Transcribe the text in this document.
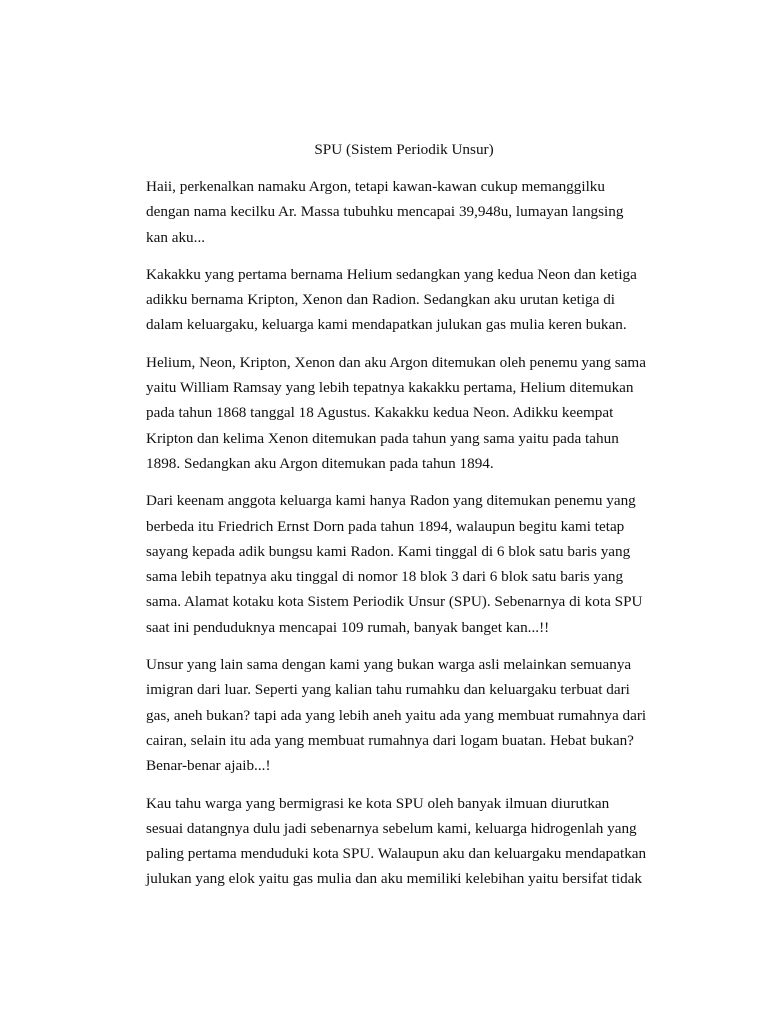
SPU (Sistem Periodik Unsur)

Haii, perkenalkan namaku Argon, tetapi kawan-kawan cukup memanggilku
dengan nama kecilku Ar. Massa tubuhku mencapai 39,948u, lumayan langsing
kan aku...

Kakakku yang pertama bernama Helium sedangkan yang kedua Neon dan ketiga
adikku bernama Kripton, Xenon dan Radion. Sedangkan aku urutan ketiga di
dalam keluargaku, keluarga kami mendapatkan julukan gas mulia keren bukan.

Helium, Neon, Kripton, Xenon dan aku Argon ditemukan oleh penemu yang sama
yaitu William Ramsay yang lebih tepatnya kakakku pertama, Helium ditemukan
pada tahun 1868 tanggal 18 Agustus. Kakakku kedua Neon. Adikku keempat
Kripton dan kelima Xenon ditemukan pada tahun yang sama yaitu pada tahun
1898. Sedangkan aku Argon ditemukan pada tahun 1894.

Dari keenam anggota keluarga kami hanya Radon yang ditemukan penemu yang
berbeda itu Friedrich Ernst Dorn pada tahun 1894, walaupun begitu kami tetap
sayang kepada adik bungsu kami Radon. Kami tinggal di 6 blok satu baris yang
sama lebih tepatnya aku tinggal di nomor 18 blok 3 dari 6 blok satu baris yang
sama. Alamat kotaku kota Sistem Periodik Unsur (SPU). Sebenarnya di kota SPU
saat ini penduduknya mencapai 109 rumah, banyak banget kan...!!

Unsur yang lain sama dengan kami yang bukan warga asli melainkan semuanya
imigran dari luar. Seperti yang kalian tahu rumahku dan keluargaku terbuat dari
gas, aneh bukan? tapi ada yang lebih aneh yaitu ada yang membuat rumahnya dari
cairan, selain itu ada yang membuat rumahnya dari logam buatan. Hebat bukan?
Benar-benar ajaib...!

Kau tahu warga yang bermigrasi ke kota SPU oleh banyak ilmuan diurutkan
sesuai datangnya dulu jadi sebenarnya sebelum kami, keluarga hidrogenlah yang
paling pertama menduduki kota SPU. Walaupun aku dan keluargaku mendapatkan
julukan yang elok yaitu gas mulia dan aku memiliki kelebihan yaitu bersifat tidak
